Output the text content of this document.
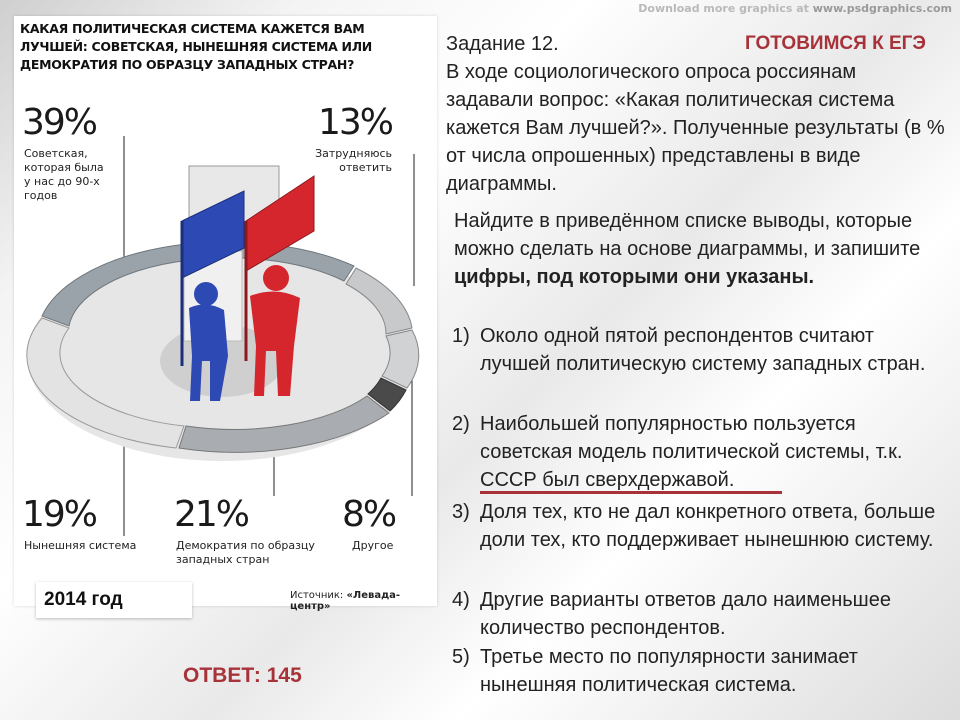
Download more graphics at www.psdgraphics.com
КАКАЯ ПОЛИТИЧЕСКАЯ СИСТЕМА КАЖЕТСЯ ВАМ ЛУЧШЕЙ: СОВЕТСКАЯ, НЫНЕШНЯЯ СИСТЕМА ИЛИ ДЕМОКРАТИЯ ПО ОБРАЗЦУ ЗАПАДНЫХ СТРАН?
39%
Советская,
которая была
у нас до 90-х
годов
13%
Затрудняюсь
ответить
19%
Нынешняя система
21%
Демократия по образцу
западных стран
8%
Другое
Источник: «Левада-центр»
2014 год
ОТВЕТ: 145
Задание 12.	ГОТОВИМСЯ К ЕГЭ
В ходе социологического опроса россиянам задавали вопрос: «Какая политическая система кажется Вам лучшей?». Полученные результаты (в % от числа опрошенных) представлены в виде диаграммы.
Найдите в приведённом списке выводы, которые можно сделать на основе диаграммы, и запишите цифры, под которыми они указаны.
1) Около одной пятой респондентов считают лучшей политическую систему западных стран.
2) Наибольшей популярностью пользуется советская модель политической системы, т.к. СССР был сверхдержавой.
3) Доля тех, кто не дал конкретного ответа, больше доли тех, кто поддерживает нынешнюю систему.
4) Другие варианты ответов дало наименьшее количество респондентов.
5) Третье место по популярности занимает нынешняя политическая система.
